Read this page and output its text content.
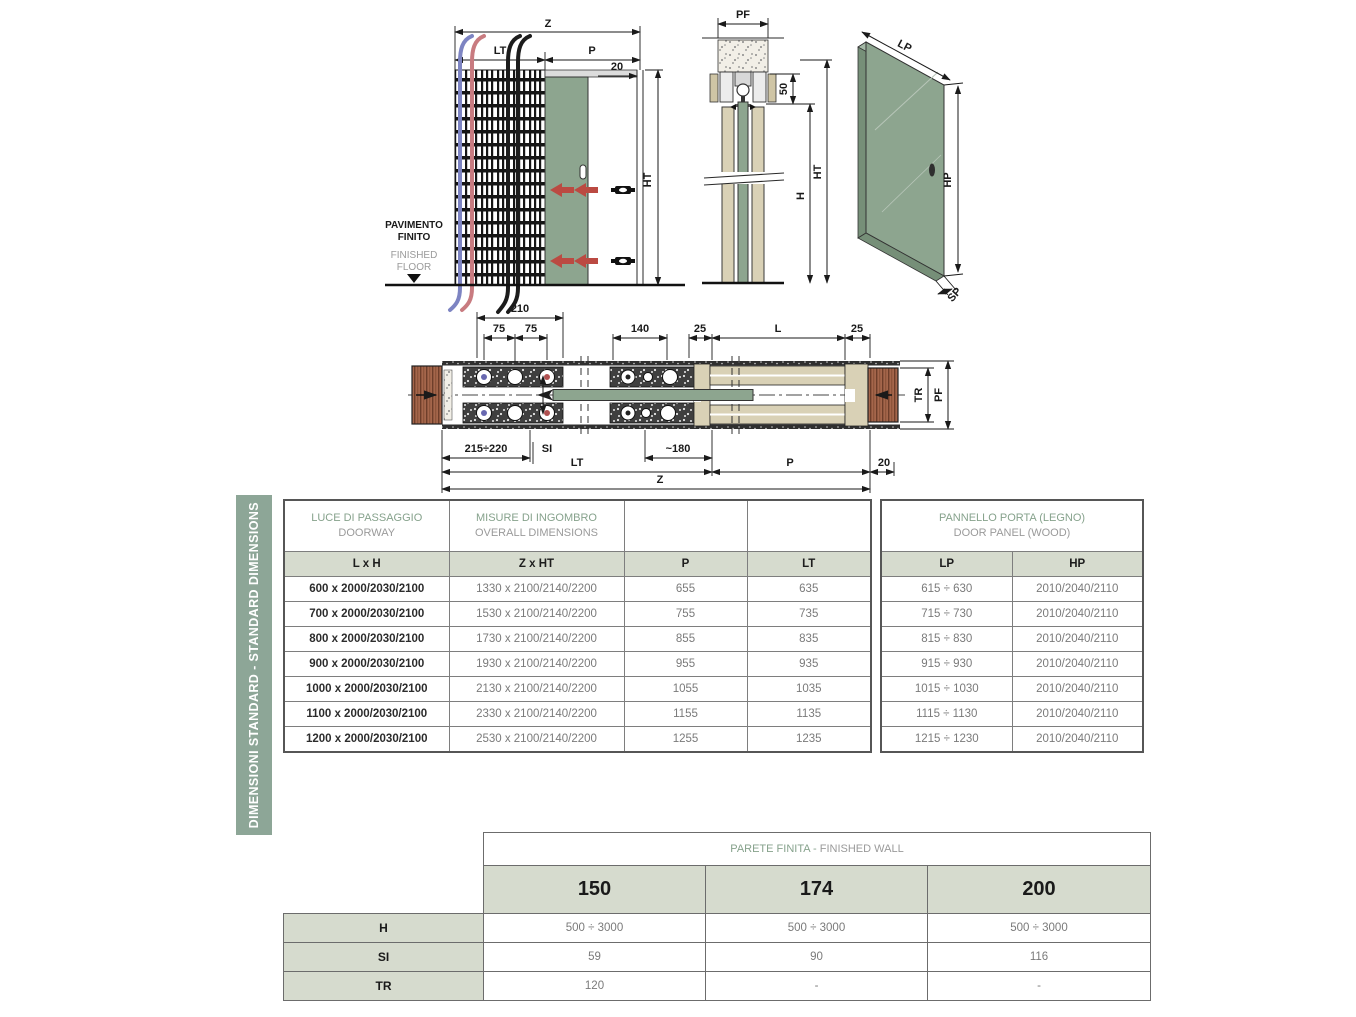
Z
LT	P
20
HT
PAVIMENTO
FINITO
FINISHED
FLOOR
PF
50
H
HT
LP
HP
SP
210
75 75	140	25	L	25
TR PF
215÷220	SI	~180
LT	P	20
Z
DIMENSIONI STANDARD - STANDARD DIMENSIONS	LUCE DI PASSAGGIO
DOORWAY	MISURE DI INGOMBRO
OVERALL DIMENSIONS		

L x H	Z x HT	P	LT
600 x 2000/2030/2100	1330 x 2100/2140/2200	655	635
700 x 2000/2030/2100	1530 x 2100/2140/2200	755	735
800 x 2000/2030/2100	1730 x 2100/2140/2200	855	835
900 x 2000/2030/2100	1930 x 2100/2140/2200	955	935
1000 x 2000/2030/2100	2130 x 2100/2140/2200	1055	1035
1100 x 2000/2030/2100	2330 x 2100/2140/2200	1155	1135
1200 x 2000/2030/2100	2530 x 2100/2140/2200	1255	1235
PANNELLO PORTA (LEGNO)
DOOR PANEL (WOOD)	

LP	HP
615 ÷ 630	2010/2040/2110
715 ÷ 730	2010/2040/2110
815 ÷ 830	2010/2040/2110
915 ÷ 930	2010/2040/2110
1015 ÷ 1030	2010/2040/2110
1115 ÷ 1130	2010/2040/2110
1215 ÷ 1230	2010/2040/2110
	PARETE FINITA - FINISHED WALL		
	150	174	200
H	500 ÷ 3000	500 ÷ 3000	500 ÷ 3000
SI	59	90	116
TR	120	-	-
